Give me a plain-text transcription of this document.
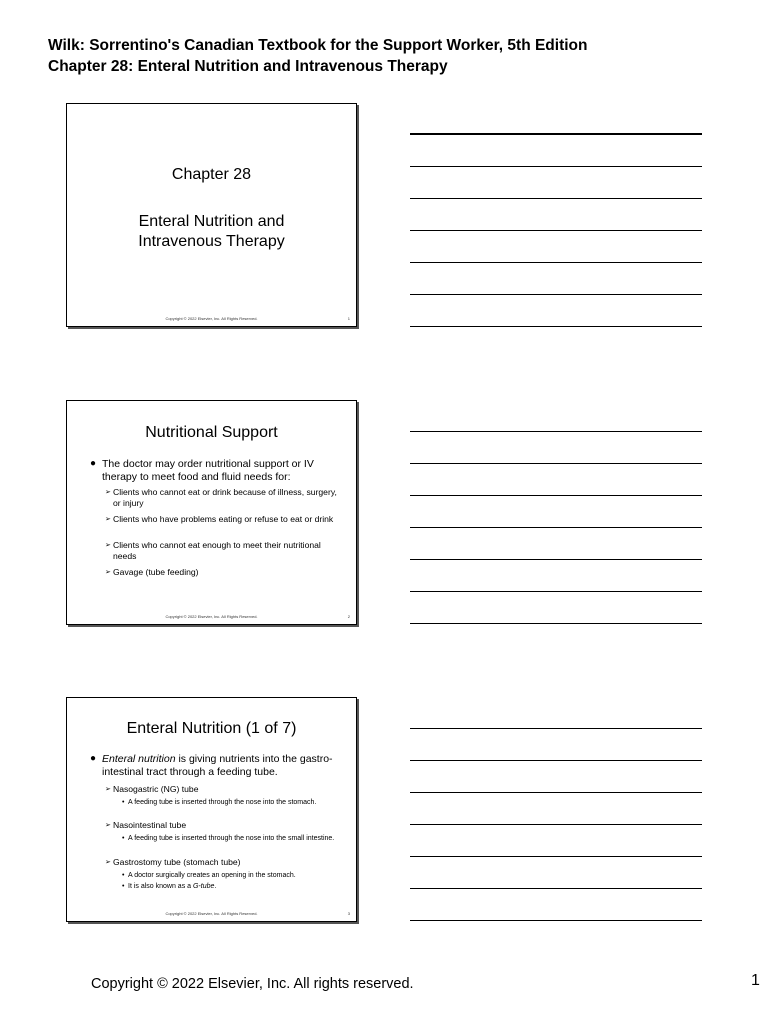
Wilk: Sorrentino's Canadian Textbook for the Support Worker, 5th Edition
Chapter 28: Enteral Nutrition and Intravenous Therapy
Chapter 28
Enteral Nutrition and
Intravenous Therapy
Copyright © 2022 Elsevier, Inc. All Rights Reserved.	1
Nutritional Support
● The doctor may order nutritional support or IV therapy to meet food and fluid needs for:
➢ Clients who cannot eat or drink because of illness, surgery, or injury
➢ Clients who have problems eating or refuse to eat or drink
➢ Clients who cannot eat enough to meet their nutritional needs
➢ Gavage (tube feeding)
Copyright © 2022 Elsevier, Inc. All Rights Reserved.	2
Enteral Nutrition (1 of 7)
● Enteral nutrition is giving nutrients into the gastro-intestinal tract through a feeding tube.
➢ Nasogastric (NG) tube
• A feeding tube is inserted through the nose into the stomach.
➢ Nasointestinal tube
• A feeding tube is inserted through the nose into the small intestine.
➢ Gastrostomy tube (stomach tube)
• A doctor surgically creates an opening in the stomach.
• It is also known as a G-tube.
Copyright © 2022 Elsevier, Inc. All Rights Reserved.	3
Copyright © 2022 Elsevier, Inc. All rights reserved.	1
